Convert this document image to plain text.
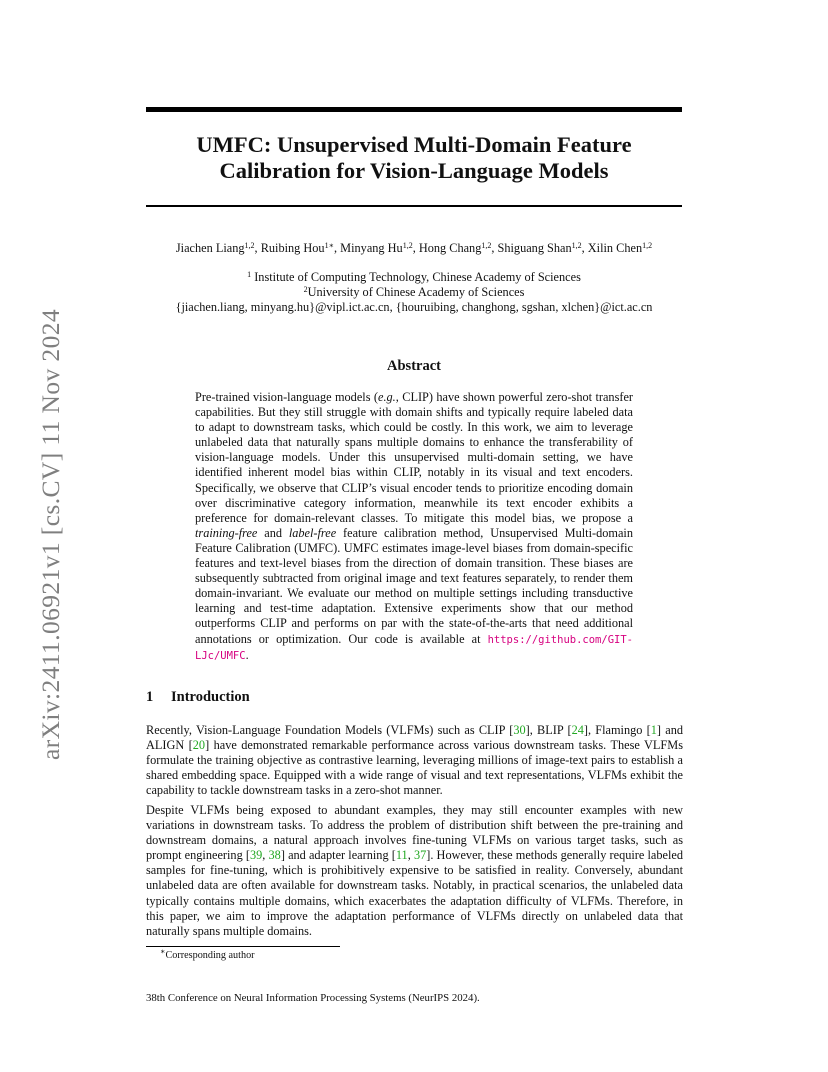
arXiv:2411.06921v1 [cs.CV] 11 Nov 2024
UMFC: Unsupervised Multi-Domain Feature
Calibration for Vision-Language Models
Jiachen Liang$^{1,2}$, Ruibing Hou$^{1∗}$, Minyang Hu$^{1,2}$, Hong Chang$^{1,2}$, Shiguang Shan$^{1,2}$, Xilin Chen$^{1,2}$
$^1$ Institute of Computing Technology, Chinese Academy of Sciences
$^2$University of Chinese Academy of Sciences
{jiachen.liang, minyang.hu}@vipl.ict.ac.cn, {houruibing, changhong, sgshan, xlchen}@ict.ac.cn
Abstract
Pre-trained vision-language models (e.g., CLIP) have shown powerful zero-shot transfer capabilities. But they still struggle with domain shifts and typically require labeled data to adapt to downstream tasks, which could be costly. In this work, we aim to leverage unlabeled data that naturally spans multiple domains to enhance the transferability of vision-language models. Under this unsupervised multi-domain setting, we have identified inherent model bias within CLIP, notably in its visual and text encoders. Specifically, we observe that CLIP’s visual encoder tends to prioritize encoding domain over discriminative category information, meanwhile its text encoder exhibits a preference for domain-relevant classes. To mitigate this model bias, we propose a training-free and label-free feature calibration method, Unsupervised Multi-domain Feature Calibration (UMFC). UMFC estimates image-level biases from domain-specific features and text-level biases from the direction of domain transition. These biases are subsequently subtracted from original image and text features separately, to render them domain-invariant. We evaluate our method on multiple settings including transductive learning and test-time adaptation. Extensive experiments show that our method outperforms CLIP and performs on par with the state-of-the-arts that need additional annotations or optimization. Our code is available at https://github.com/GIT-LJc/UMFC.
1 Introduction
Recently, Vision-Language Foundation Models (VLFMs) such as CLIP [30], BLIP [24], Flamingo [1] and ALIGN [20] have demonstrated remarkable performance across various downstream tasks. These VLFMs formulate the training objective as contrastive learning, leveraging millions of image-text pairs to establish a shared embedding space. Equipped with a wide range of visual and text representations, VLFMs exhibit the capability to tackle downstream tasks in a zero-shot manner.
Despite VLFMs being exposed to abundant examples, they may still encounter examples with new variations in downstream tasks. To address the problem of distribution shift between the pre-training and downstream domains, a natural approach involves fine-tuning VLFMs on various target tasks, such as prompt engineering [39, 38] and adapter learning [11, 37]. However, these methods generally require labeled samples for fine-tuning, which is prohibitively expensive to be satisfied in reality. Conversely, abundant unlabeled data are often available for downstream tasks. Notably, in practical scenarios, the unlabeled data typically contains multiple domains, which exacerbates the adaptation difficulty of VLFMs. Therefore, in this paper, we aim to improve the adaptation performance of VLFMs directly on unlabeled data that naturally spans multiple domains.
∗Corresponding author
38th Conference on Neural Information Processing Systems (NeurIPS 2024).
